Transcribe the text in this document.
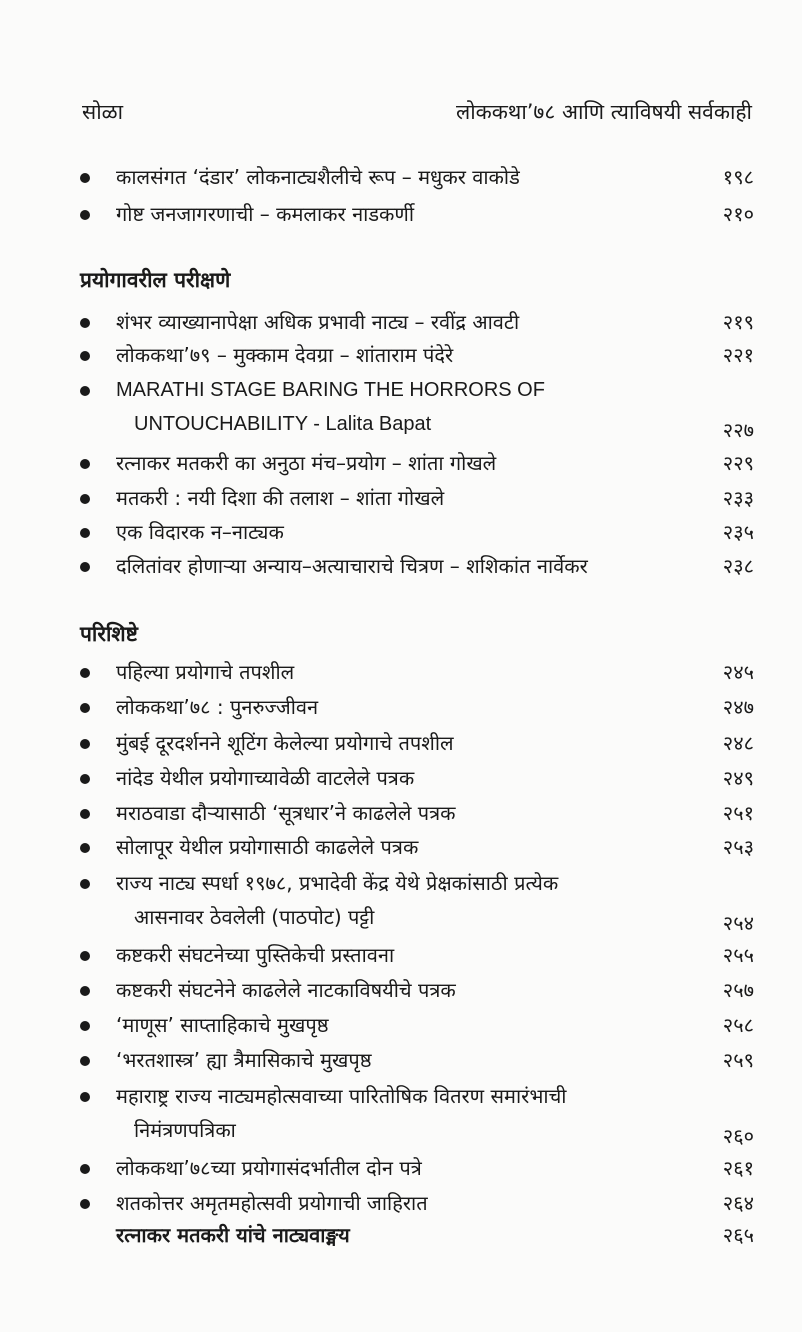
सोळा	लोककथा’७८ आणि त्याविषयी सर्वकाही
कालसंगत ‘दंडार’ लोकनाट्यशैलीचे रूप – मधुकर वाकोडे	१९८
गोष्ट जनजागरणाची – कमलाकर नाडकर्णी	२१०
प्रयोगावरील परीक्षणे
शंभर व्याख्यानापेक्षा अधिक प्रभावी नाट्य – रवींद्र आवटी	२१९
लोककथा’७९ – मुक्काम देवग्रा – शांताराम पंदेरे	२२१
MARATHI STAGE BARING THE HORRORS OF
UNTOUCHABILITY - Lalita Bapat	२२७
रत्नाकर मतकरी का अनुठा मंच–प्रयोग – शांता गोखले	२२९
मतकरी : नयी दिशा की तलाश – शांता गोखले	२३३
एक विदारक न–नाट्यक	२३५
दलितांवर होणाऱ्या अन्याय–अत्याचाराचे चित्रण – शशिकांत नार्वेकर	२३८
परिशिष्टे
पहिल्या प्रयोगाचे तपशील	२४५
लोककथा’७८ : पुनरुज्जीवन	२४७
मुंबई दूरदर्शनने शूटिंग केलेल्या प्रयोगाचे तपशील	२४८
नांदेड येथील प्रयोगाच्यावेळी वाटलेले पत्रक	२४९
मराठवाडा दौऱ्यासाठी ‘सूत्रधार’ने काढलेले पत्रक	२५१
सोलापूर येथील प्रयोगासाठी काढलेले पत्रक	२५३
राज्य नाट्य स्पर्धा १९७८, प्रभादेवी केंद्र येथे प्रेक्षकांसाठी प्रत्येक
आसनावर ठेवलेली (पाठपोट) पट्टी	२५४
कष्टकरी संघटनेच्या पुस्तिकेची प्रस्तावना	२५५
कष्टकरी संघटनेने काढलेले नाटकाविषयीचे पत्रक	२५७
‘माणूस’ साप्ताहिकाचे मुखपृष्ठ	२५८
‘भरतशास्त्र’ ह्या त्रैमासिकाचे मुखपृष्ठ	२५९
महाराष्ट्र राज्य नाट्यमहोत्सवाच्या पारितोषिक वितरण समारंभाची
निमंत्रणपत्रिका	२६०
लोककथा’७८च्या प्रयोगासंदर्भातील दोन पत्रे	२६१
शतकोत्तर अमृतमहोत्सवी प्रयोगाची जाहिरात	२६४
रत्नाकर मतकरी यांचे नाट्यवाङ्मय	२६५
